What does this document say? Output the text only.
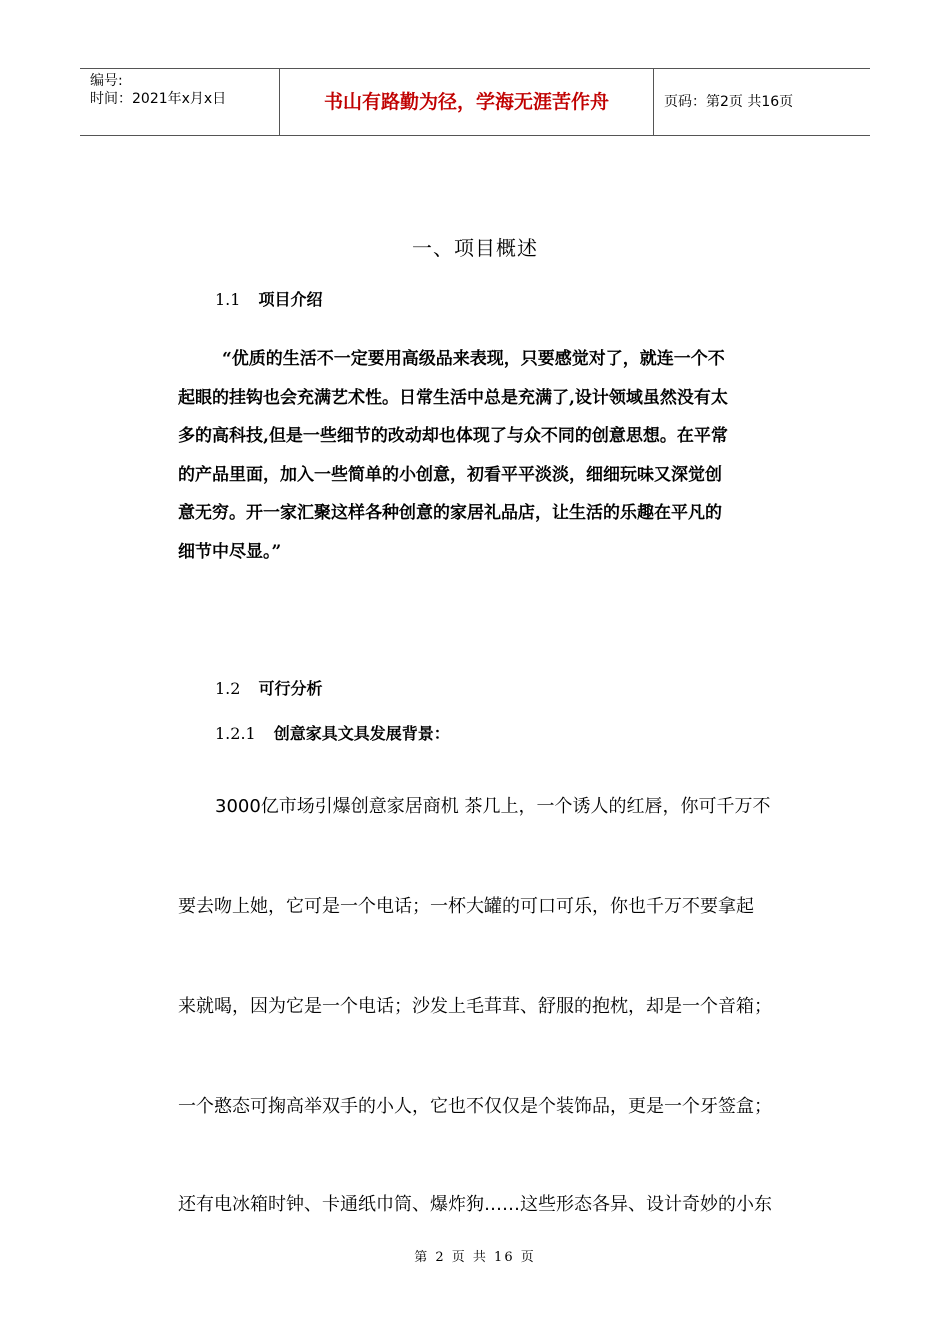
编号:
时间：2021年x月x日	书山有路勤为径，学海无涯苦作舟	页码：第2页 共16页
一、项目概述
1.1 项目介绍
“优质的生活不一定要用高级品来表现，只要感觉对了，就连一个不
起眼的挂钩也会充满艺术性。日常生活中总是充满了,设计领域虽然没有太
多的高科技,但是一些细节的改动却也体现了与众不同的创意思想。在平常
的产品里面，加入一些简单的小创意，初看平平淡淡，细细玩味又深觉创
意无穷。开一家汇聚这样各种创意的家居礼品店，让生活的乐趣在平凡的
细节中尽显。”
1.2 可行分析
1.2.1 创意家具文具发展背景：
3000亿市场引爆创意家居商机 茶几上，一个诱人的红唇，你可千万不
要去吻上她，它可是一个电话；一杯大罐的可口可乐，你也千万不要拿起
来就喝，因为它是一个电话；沙发上毛茸茸、舒服的抱枕，却是一个音箱；
一个憨态可掬高举双手的小人，它也不仅仅是个装饰品，更是一个牙签盒；
还有电冰箱时钟、卡通纸巾筒、爆炸狗……这些形态各异、设计奇妙的小东
第 2 页 共 16 页
